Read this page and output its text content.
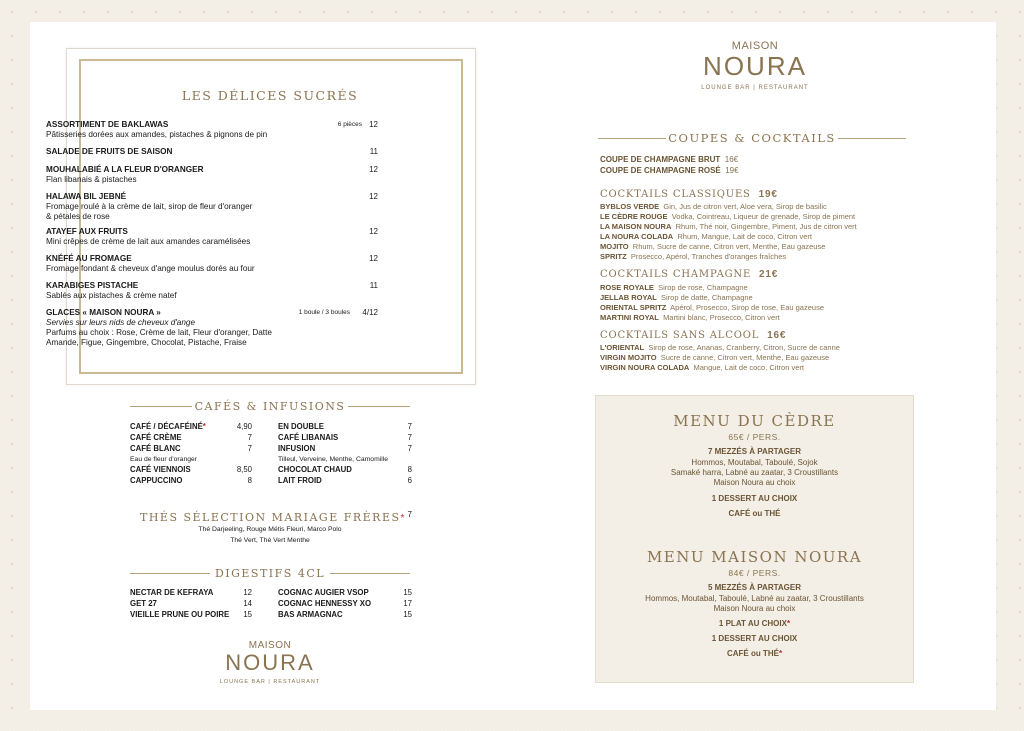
LES DÉLICES SUCRÉS
ASSORTIMENT DE BAKLAWAS	6 pièces 12
Pâtisseries dorées aux amandes, pistaches & pignons de pin
SALADE DE FRUITS DE SAISON	11
MOUHALABIÉ A LA FLEUR D'ORANGER	12
Flan libanais & pistaches
HALAWA BIL JEBNÉ	12
Fromage roulé à la crème de lait, sirop de fleur d'oranger
& pétales de rose
ATAYEF AUX FRUITS	12
Mini crêpes de crème de lait aux amandes caramélisées
KNÉFÉ AU FROMAGE	12
Fromage fondant & cheveux d'ange moulus dorés au four
KARABIGES PISTACHE	11
Sablés aux pistaches & crème natef
GLACES « MAISON NOURA »	1 boule / 3 boules 4/12
Servies sur leurs nids de cheveux d'ange
Parfums au choix : Rose, Crème de lait, Fleur d'oranger, Datte
Amande, Figue, Gingembre, Chocolat, Pistache, Fraise
CAFÉS & INFUSIONS
CAFÉ / DÉCAFÉINÉ*	4,90
CAFÉ CRÈME	7
CAFÉ BLANC	7
Eau de fleur d'oranger
CAFÉ VIENNOIS	8,50
CAPPUCCINO	8
EN DOUBLE	7
CAFÉ LIBANAIS	7
INFUSION	7
Tilleul, Verveine, Menthe, Camomille
CHOCOLAT CHAUD	8
LAIT FROID	6
THÉS SÉLECTION MARIAGE FRÈRES* 7
Thé Darjeeling, Rouge Métis Fleuri, Marco Polo
Thé Vert, Thé Vert Menthe
DIGESTIFS 4CL
NECTAR DE KEFRAYA	12
GET 27	14
VIEILLE PRUNE OU POIRE 15
COGNAC AUGIER VSOP	15
COGNAC HENNESSY XO	17
BAS ARMAGNAC	15
MAISON
NOURA
LOUNGE BAR | RESTAURANT
MAISON
NOURA
LOUNGE BAR | RESTAURANT
COUPES & COCKTAILS
COUPE DE CHAMPAGNE BRUT 16€
COUPE DE CHAMPAGNE ROSÉ 19€
COCKTAILS CLASSIQUES 19€
BYBLOS VERDE Gin, Jus de citron vert, Aloe vera, Sirop de basilic
LE CÈDRE ROUGE Vodka, Cointreau, Liqueur de grenade, Sirop de piment
LA MAISON NOURA Rhum, Thé noir, Gingembre, Piment, Jus de citron vert
LA NOURA COLADA Rhum, Mangue, Lait de coco, Citron vert
MOJITO Rhum, Sucre de canne, Citron vert, Menthe, Eau gazeuse
SPRITZ Prosecco, Apérol, Tranches d'oranges fraîches
COCKTAILS CHAMPAGNE 21€
ROSE ROYALE Sirop de rose, Champagne
JELLAB ROYAL Sirop de datte, Champagne
ORIENTAL SPRITZ Apérol, Prosecco, Sirop de rose, Eau gazeuse
MARTINI ROYAL Martini blanc, Prosecco, Citron vert
COCKTAILS SANS ALCOOL 16€
L'ORIENTAL Sirop de rose, Ananas, Cranberry, Citron, Sucre de canne
VIRGIN MOJITO Sucre de canne, Citron vert, Menthe, Eau gazeuse
VIRGIN NOURA COLADA Mangue, Lait de coco, Citron vert
MENU DU CÈDRE
65€ / PERS.
7 MEZZÉS À PARTAGER
Hommos, Moutabal, Taboulé, Sojok
Samaké harra, Labné au zaatar, 3 Croustillants
Maison Noura au choix
1 DESSERT AU CHOIX
CAFÉ ou THÉ
MENU MAISON NOURA
84€ / PERS.
5 MEZZÉS À PARTAGER
Hommos, Moutabal, Taboulé, Labné au zaatar, 3 Croustillants
Maison Noura au choix
1 PLAT AU CHOIX*
1 DESSERT AU CHOIX
CAFÉ ou THÉ*
